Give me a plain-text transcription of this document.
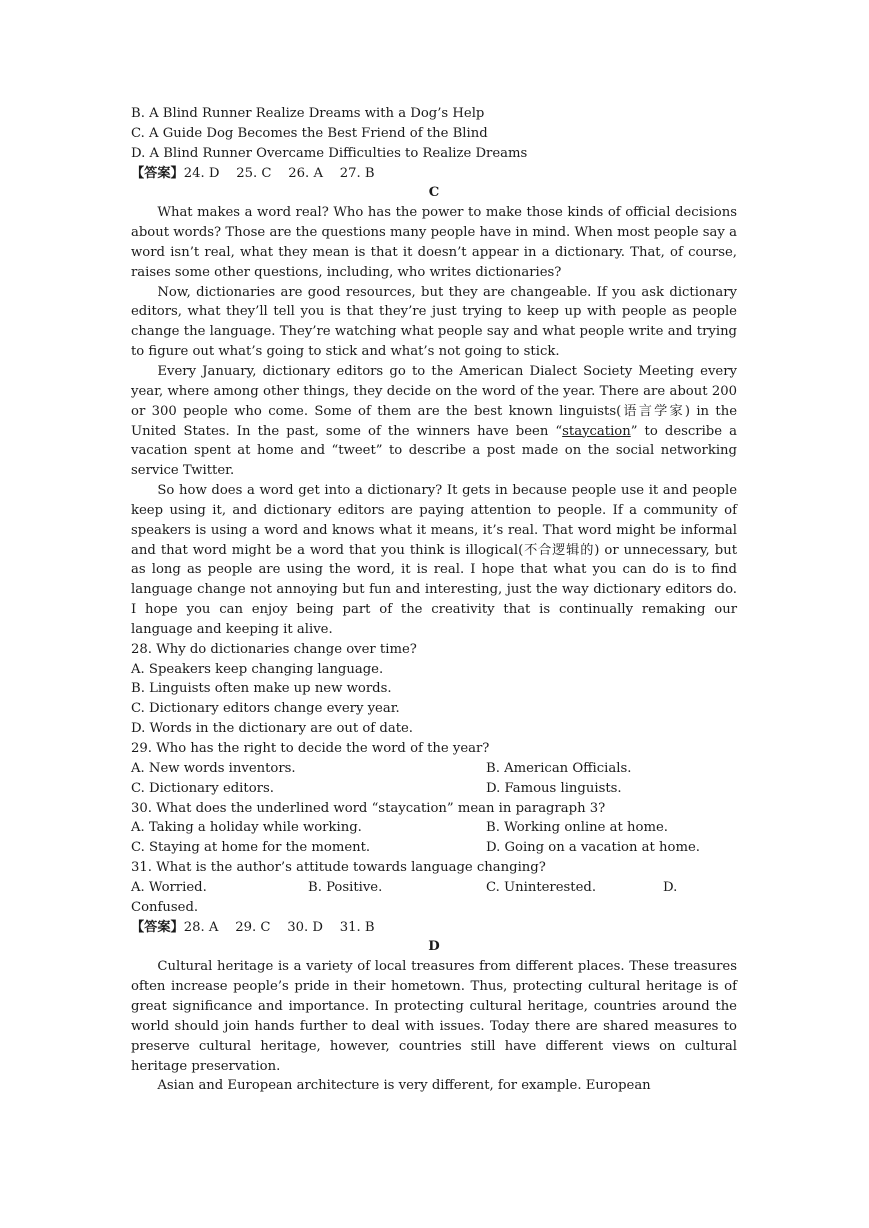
B. A Blind Runner Realize Dreams with a Dog’s Help
C. A Guide Dog Becomes the Best Friend of the Blind
D. A Blind Runner Overcame Difficulties to Realize Dreams
【答案】24. D    25. C    26. A    27. B
C

What makes a word real? Who has the power to make those kinds of official decisions about words? Those are the questions many people have in mind. When most people say a word isn’t real, what they mean is that it doesn’t appear in a dictionary. That, of course, raises some other questions, including, who writes dictionaries?

Now, dictionaries are good resources, but they are changeable. If you ask dictionary editors, what they’ll tell you is that they’re just trying to keep up with people as people change the language. They’re watching what people say and what people write and trying to figure out what’s going to stick and what’s not going to stick.

Every January, dictionary editors go to the American Dialect Society Meeting every year, where among other things, they decide on the word of the year. There are about 200 or 300 people who come. Some of them are the best known linguists(语言学家) in the United States. In the past, some of the winners have been “staycation” to describe a vacation spent at home and “tweet” to describe a post made on the social networking service Twitter.

So how does a word get into a dictionary? It gets in because people use it and people keep using it, and dictionary editors are paying attention to people. If a community of speakers is using a word and knows what it means, it’s real. That word might be informal and that word might be a word that you think is illogical(不合逻辑的) or unnecessary, but as long as people are using the word, it is real. I hope that what you can do is to find language change not annoying but fun and interesting, just the way dictionary editors do. I hope you can enjoy being part of the creativity that is continually remaking our language and keeping it alive.

28. Why do dictionaries change over time?
A. Speakers keep changing language.
B. Linguists often make up new words.
C. Dictionary editors change every year.
D. Words in the dictionary are out of date.
29. Who has the right to decide the word of the year?
A. New words inventors.	B. American Officials.
C. Dictionary editors.	D. Famous linguists.
30. What does the underlined word “staycation” mean in paragraph 3?
A. Taking a holiday while working.	B. Working online at home.
C. Staying at home for the moment.	D. Going on a vacation at home.
31. What is the author’s attitude towards language changing?
A. Worried.	B. Positive.	C. Uninterested.	D.
Confused.
【答案】28. A    29. C    30. D    31. B
D

Cultural heritage is a variety of local treasures from different places. These treasures often increase people’s pride in their hometown. Thus, protecting cultural heritage is of great significance and importance. In protecting cultural heritage, countries around the world should join hands further to deal with issues. Today there are shared measures to preserve cultural heritage, however, countries still have different views on cultural heritage preservation.

Asian and European architecture is very different, for example. European
